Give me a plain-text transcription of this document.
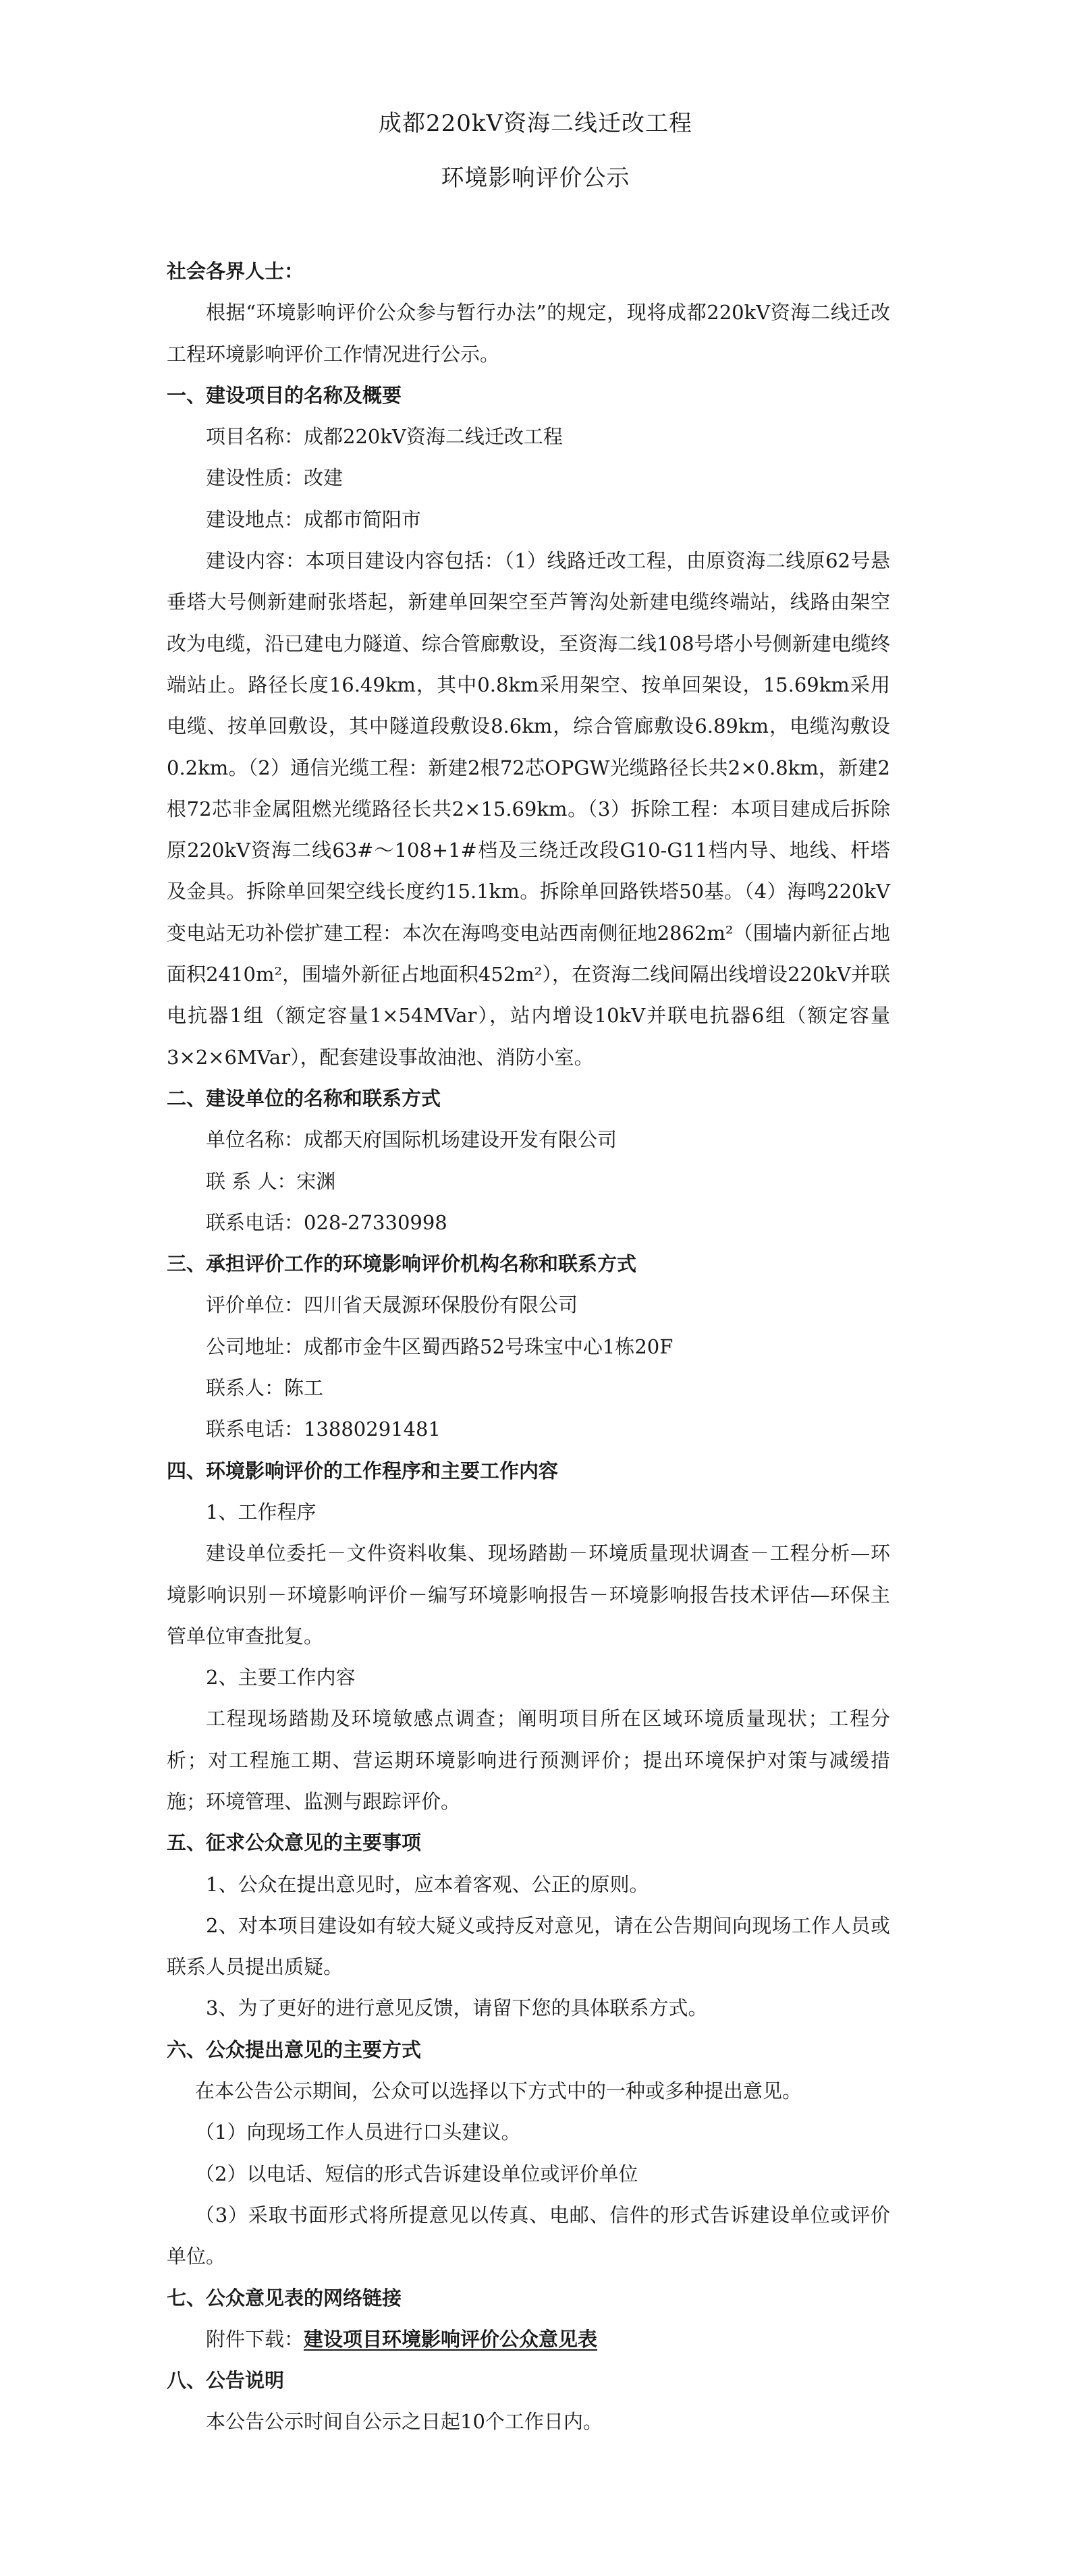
成都220kV资海二线迁改工程
环境影响评价公示

社会各界人士：

根据“环境影响评价公众参与暂行办法”的规定，现将成都220kV资海二线迁改工程环境影响评价工作情况进行公示。

一、建设项目的名称及概要

项目名称：成都220kV资海二线迁改工程

建设性质：改建

建设地点：成都市简阳市

建设内容：本项目建设内容包括：（1）线路迁改工程，由原资海二线原62号悬垂塔大号侧新建耐张塔起，新建单回架空至芦箐沟处新建电缆终端站，线路由架空改为电缆，沿已建电力隧道、综合管廊敷设，至资海二线108号塔小号侧新建电缆终端站止。路径长度16.49km，其中0.8km采用架空、按单回架设，15.69km采用电缆、按单回敷设，其中隧道段敷设8.6km，综合管廊敷设6.89km，电缆沟敷设0.2km。（2）通信光缆工程：新建2根72芯OPGW光缆路径长共2×0.8km，新建2根72芯非金属阻燃光缆路径长共2×15.69km。（3）拆除工程：本项目建成后拆除原220kV资海二线63#～108+1#档及三绕迁改段G10-G11档内导、地线、杆塔及金具。拆除单回架空线长度约15.1km。拆除单回路铁塔50基。（4）海鸣220kV变电站无功补偿扩建工程：本次在海鸣变电站西南侧征地2862m²（围墙内新征占地面积2410m²，围墙外新征占地面积452m²），在资海二线间隔出线增设220kV并联电抗器1组（额定容量1×54MVar），站内增设10kV并联电抗器6组（额定容量3×2×6MVar），配套建设事故油池、消防小室。

二、建设单位的名称和联系方式

单位名称：成都天府国际机场建设开发有限公司

联 系 人：宋渊

联系电话：028-27330998

三、承担评价工作的环境影响评价机构名称和联系方式

评价单位：四川省天晟源环保股份有限公司

公司地址：成都市金牛区蜀西路52号珠宝中心1栋20F

联系人：陈工

联系电话：13880291481

四、环境影响评价的工作程序和主要工作内容

1、工作程序

建设单位委托－文件资料收集、现场踏勘－环境质量现状调查－工程分析—环境影响识别－环境影响评价－编写环境影响报告－环境影响报告技术评估—环保主管单位审查批复。

2、主要工作内容

工程现场踏勘及环境敏感点调查；阐明项目所在区域环境质量现状；工程分析；对工程施工期、营运期环境影响进行预测评价；提出环境保护对策与减缓措施；环境管理、监测与跟踪评价。

五、征求公众意见的主要事项

1、公众在提出意见时，应本着客观、公正的原则。

2、对本项目建设如有较大疑义或持反对意见，请在公告期间向现场工作人员或联系人员提出质疑。

3、为了更好的进行意见反馈，请留下您的具体联系方式。

六、公众提出意见的主要方式

在本公告公示期间，公众可以选择以下方式中的一种或多种提出意见。

（1）向现场工作人员进行口头建议。

（2）以电话、短信的形式告诉建设单位或评价单位

（3）采取书面形式将所提意见以传真、电邮、信件的形式告诉建设单位或评价单位。

七、公众意见表的网络链接

附件下载：建设项目环境影响评价公众意见表

八、公告说明

本公告公示时间自公示之日起10个工作日内。
